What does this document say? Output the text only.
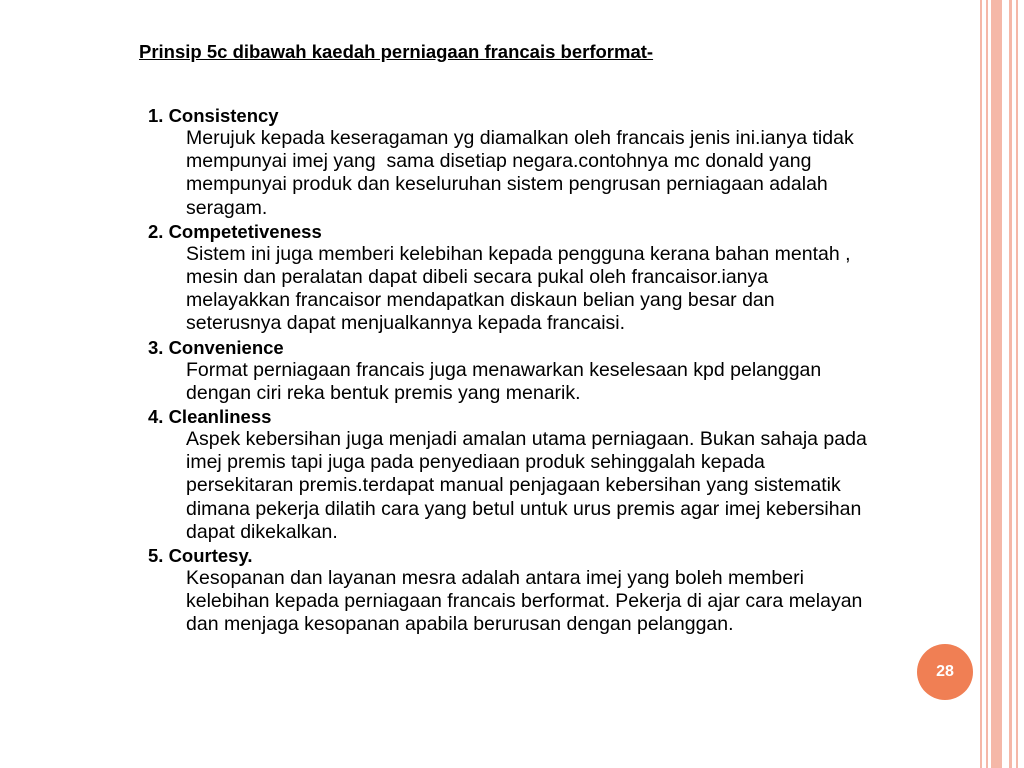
Prinsip 5c dibawah kaedah perniagaan francais berformat-
1. Consistency
Merujuk kepada keseragaman yg diamalkan oleh francais jenis ini.ianya tidak
mempunyai imej yang  sama disetiap negara.contohnya mc donald yang
mempunyai produk dan keseluruhan sistem pengrusan perniagaan adalah
seragam.
2. Competetiveness
Sistem ini juga memberi kelebihan kepada pengguna kerana bahan mentah ,
mesin dan peralatan dapat dibeli secara pukal oleh francaisor.ianya
melayakkan francaisor mendapatkan diskaun belian yang besar dan
seterusnya dapat menjualkannya kepada francaisi.
3. Convenience
Format perniagaan francais juga menawarkan keselesaan kpd pelanggan
dengan ciri reka bentuk premis yang menarik.
4. Cleanliness
Aspek kebersihan juga menjadi amalan utama perniagaan. Bukan sahaja pada
imej premis tapi juga pada penyediaan produk sehinggalah kepada
persekitaran premis.terdapat manual penjagaan kebersihan yang sistematik
dimana pekerja dilatih cara yang betul untuk urus premis agar imej kebersihan
dapat dikekalkan.
5. Courtesy.
Kesopanan dan layanan mesra adalah antara imej yang boleh memberi
kelebihan kepada perniagaan francais berformat. Pekerja di ajar cara melayan
dan menjaga kesopanan apabila berurusan dengan pelanggan.
28
